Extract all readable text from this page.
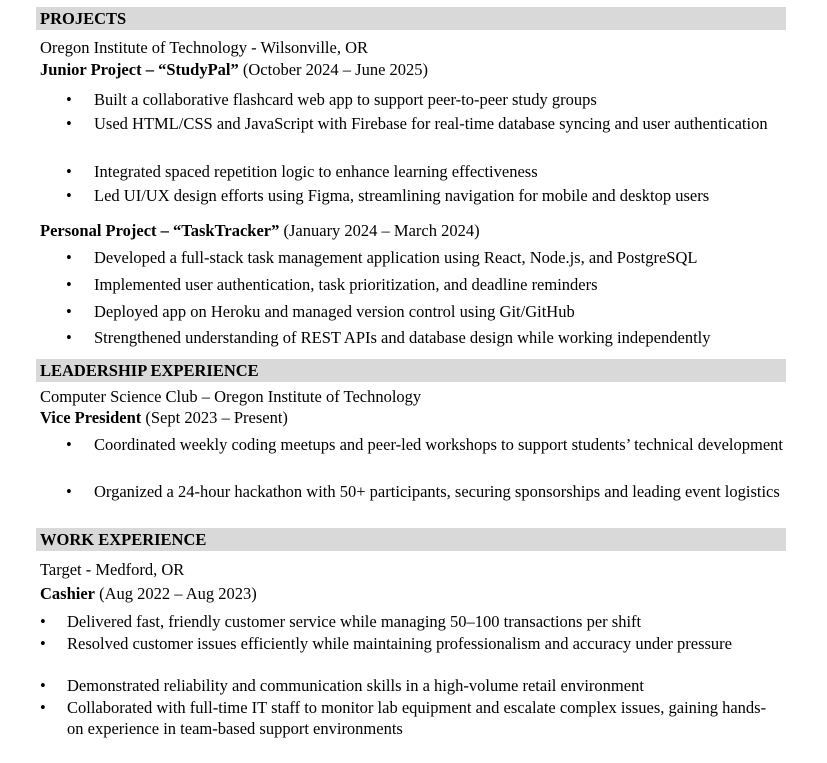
PROJECTS
Oregon Institute of Technology - Wilsonville, OR
Junior Project – “StudyPal” (October 2024 – June 2025)
• Built a collaborative flashcard web app to support peer-to-peer study groups
• Used HTML/CSS and JavaScript with Firebase for real-time database syncing and user authentication
• Integrated spaced repetition logic to enhance learning effectiveness
• Led UI/UX design efforts using Figma, streamlining navigation for mobile and desktop users
Personal Project – “TaskTracker” (January 2024 – March 2024)
• Developed a full-stack task management application using React, Node.js, and PostgreSQL
• Implemented user authentication, task prioritization, and deadline reminders
• Deployed app on Heroku and managed version control using Git/GitHub
• Strengthened understanding of REST APIs and database design while working independently
LEADERSHIP EXPERIENCE
Computer Science Club – Oregon Institute of Technology
Vice President (Sept 2023 – Present)
• Coordinated weekly coding meetups and peer-led workshops to support students’ technical development
• Organized a 24-hour hackathon with 50+ participants, securing sponsorships and leading event logistics
WORK EXPERIENCE
Target - Medford, OR
Cashier (Aug 2022 – Aug 2023)
• Delivered fast, friendly customer service while managing 50–100 transactions per shift
• Resolved customer issues efficiently while maintaining professionalism and accuracy under pressure
• Demonstrated reliability and communication skills in a high-volume retail environment
• Collaborated with full-time IT staff to monitor lab equipment and escalate complex issues, gaining hands-on experience in team-based support environments
